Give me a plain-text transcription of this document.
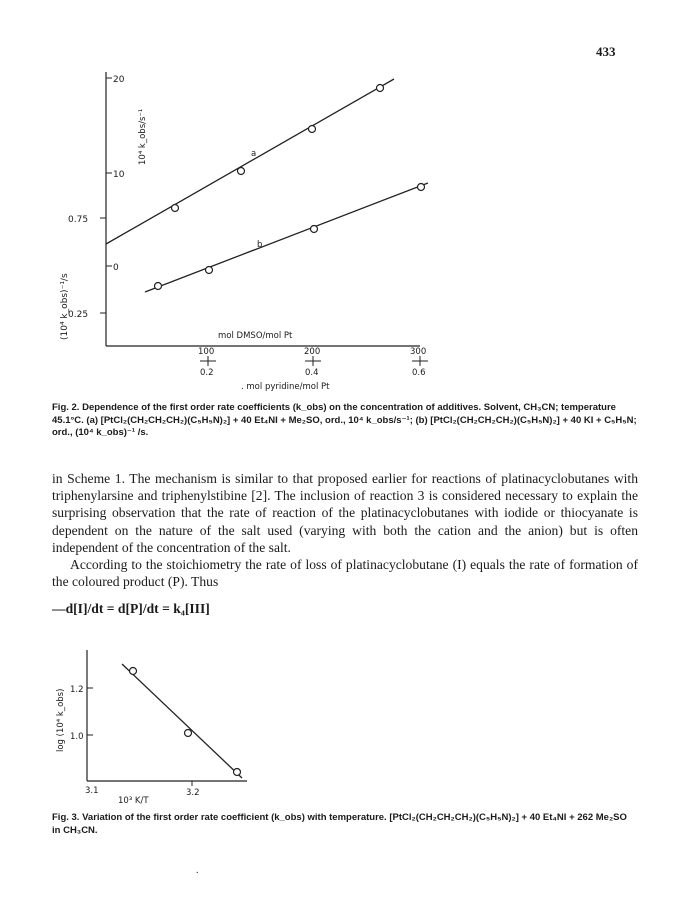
433
20
10
10⁴ k_obs/s⁻¹
0.75
0
0.25
(10⁴ k_obs)⁻¹/s
a
b
mol DMSO/mol Pt
100	200	300
0.2	0.4	0.6
. mol pyridine/mol Pt
Fig. 2. Dependence of the first order rate coefficients (k_obs) on the concentration of additives. Solvent, CH₃CN; temperature 45.1°C. (a) [PtCl₂(CH₂CH₂CH₂)(C₅H₅N)₂] + 40 Et₄NI + Me₂SO, ord., 10⁴ k_obs/s⁻¹; (b) [PtCl₂(CH₂CH₂CH₂)(C₅H₅N)₂] + 40 KI + C₅H₅N; ord., (10⁴ k_obs)⁻¹ /s.

in Scheme 1. The mechanism is similar to that proposed earlier for reactions of platinacyclobutanes with triphenylarsine and triphenylstibine [2]. The inclusion of reaction 3 is considered necessary to explain the surprising observation that the rate of reaction of the platinacyclobutanes with iodide or thiocyanate is dependent on the nature of the salt used (varying with both the cation and the anion) but is often independent of the concentration of the salt.

According to the stoichiometry the rate of loss of platinacyclobutane (I) equals the rate of formation of the coloured product (P). Thus

—d[I]/dt = d[P]/dt = k₄[III]
1.2
1.0
log (10⁴ k_obs)
3.1	3.2
10³ K/T
Fig. 3. Variation of the first order rate coefficient (k_obs) with temperature. [PtCl₂(CH₂CH₂CH₂)(C₅H₅N)₂] + 40 Et₄NI + 262 Me₂SO in CH₃CN.
.
